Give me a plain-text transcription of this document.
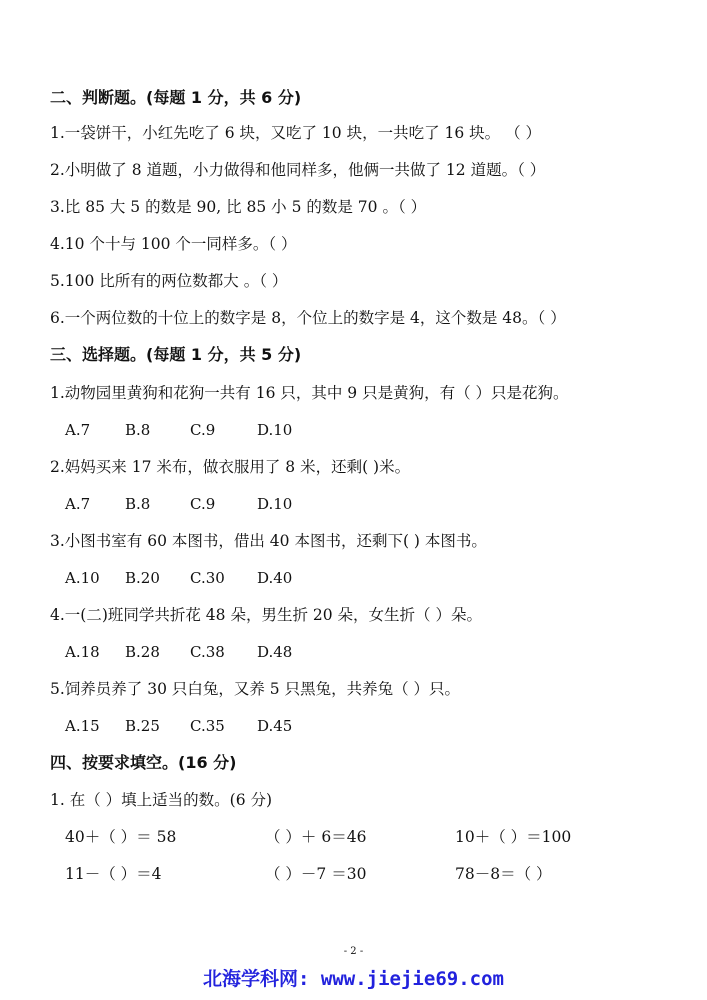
二、判断题。(每题 1 分，共 6 分)
1.一袋饼干，小红先吃了 6 块，又吃了 10 块，一共吃了 16 块。 （ ）
2.小明做了 8 道题，小力做得和他同样多，他俩一共做了 12 道题。（ ）
3.比 85 大 5 的数是 90, 比 85 小 5 的数是 70 。（ ）
4.10 个十与 100 个一同样多。（ ）
5.100 比所有的两位数都大 。（ ）
6.一个两位数的十位上的数字是 8，个位上的数字是 4，这个数是 48。（ ）
三、选择题。(每题 1 分，共 5 分)
1.动物园里黄狗和花狗一共有 16 只，其中 9 只是黄狗，有（ ）只是花狗。
A.7 B.8	C.9	D.10
2.妈妈买来 17 米布，做衣服用了 8 米，还剩( )米。
A.7 B.8	C.9	D.10
3.小图书室有 60 本图书，借出 40 本图书，还剩下( ) 本图书。
A.10 B.20 C.30 D.40
4.一(二)班同学共折花 48 朵，男生折 20 朵，女生折（ ）朵。
A.18 B.28 C.38 D.48
5.饲养员养了 30 只白兔，又养 5 只黑兔，共养兔（ ）只。
A.15 B.25 C.35 D.45
四、按要求填空。(16 分)
1. 在（ ）填上适当的数。(6 分)
40＋（ ）＝ 58	（ ）＋ 6＝46	10＋（ ）＝100
11－（ ）＝4	（ ）－7 ＝30	78－8＝（ ）
- 2 -
北海学科网: www.jiejie69.com
